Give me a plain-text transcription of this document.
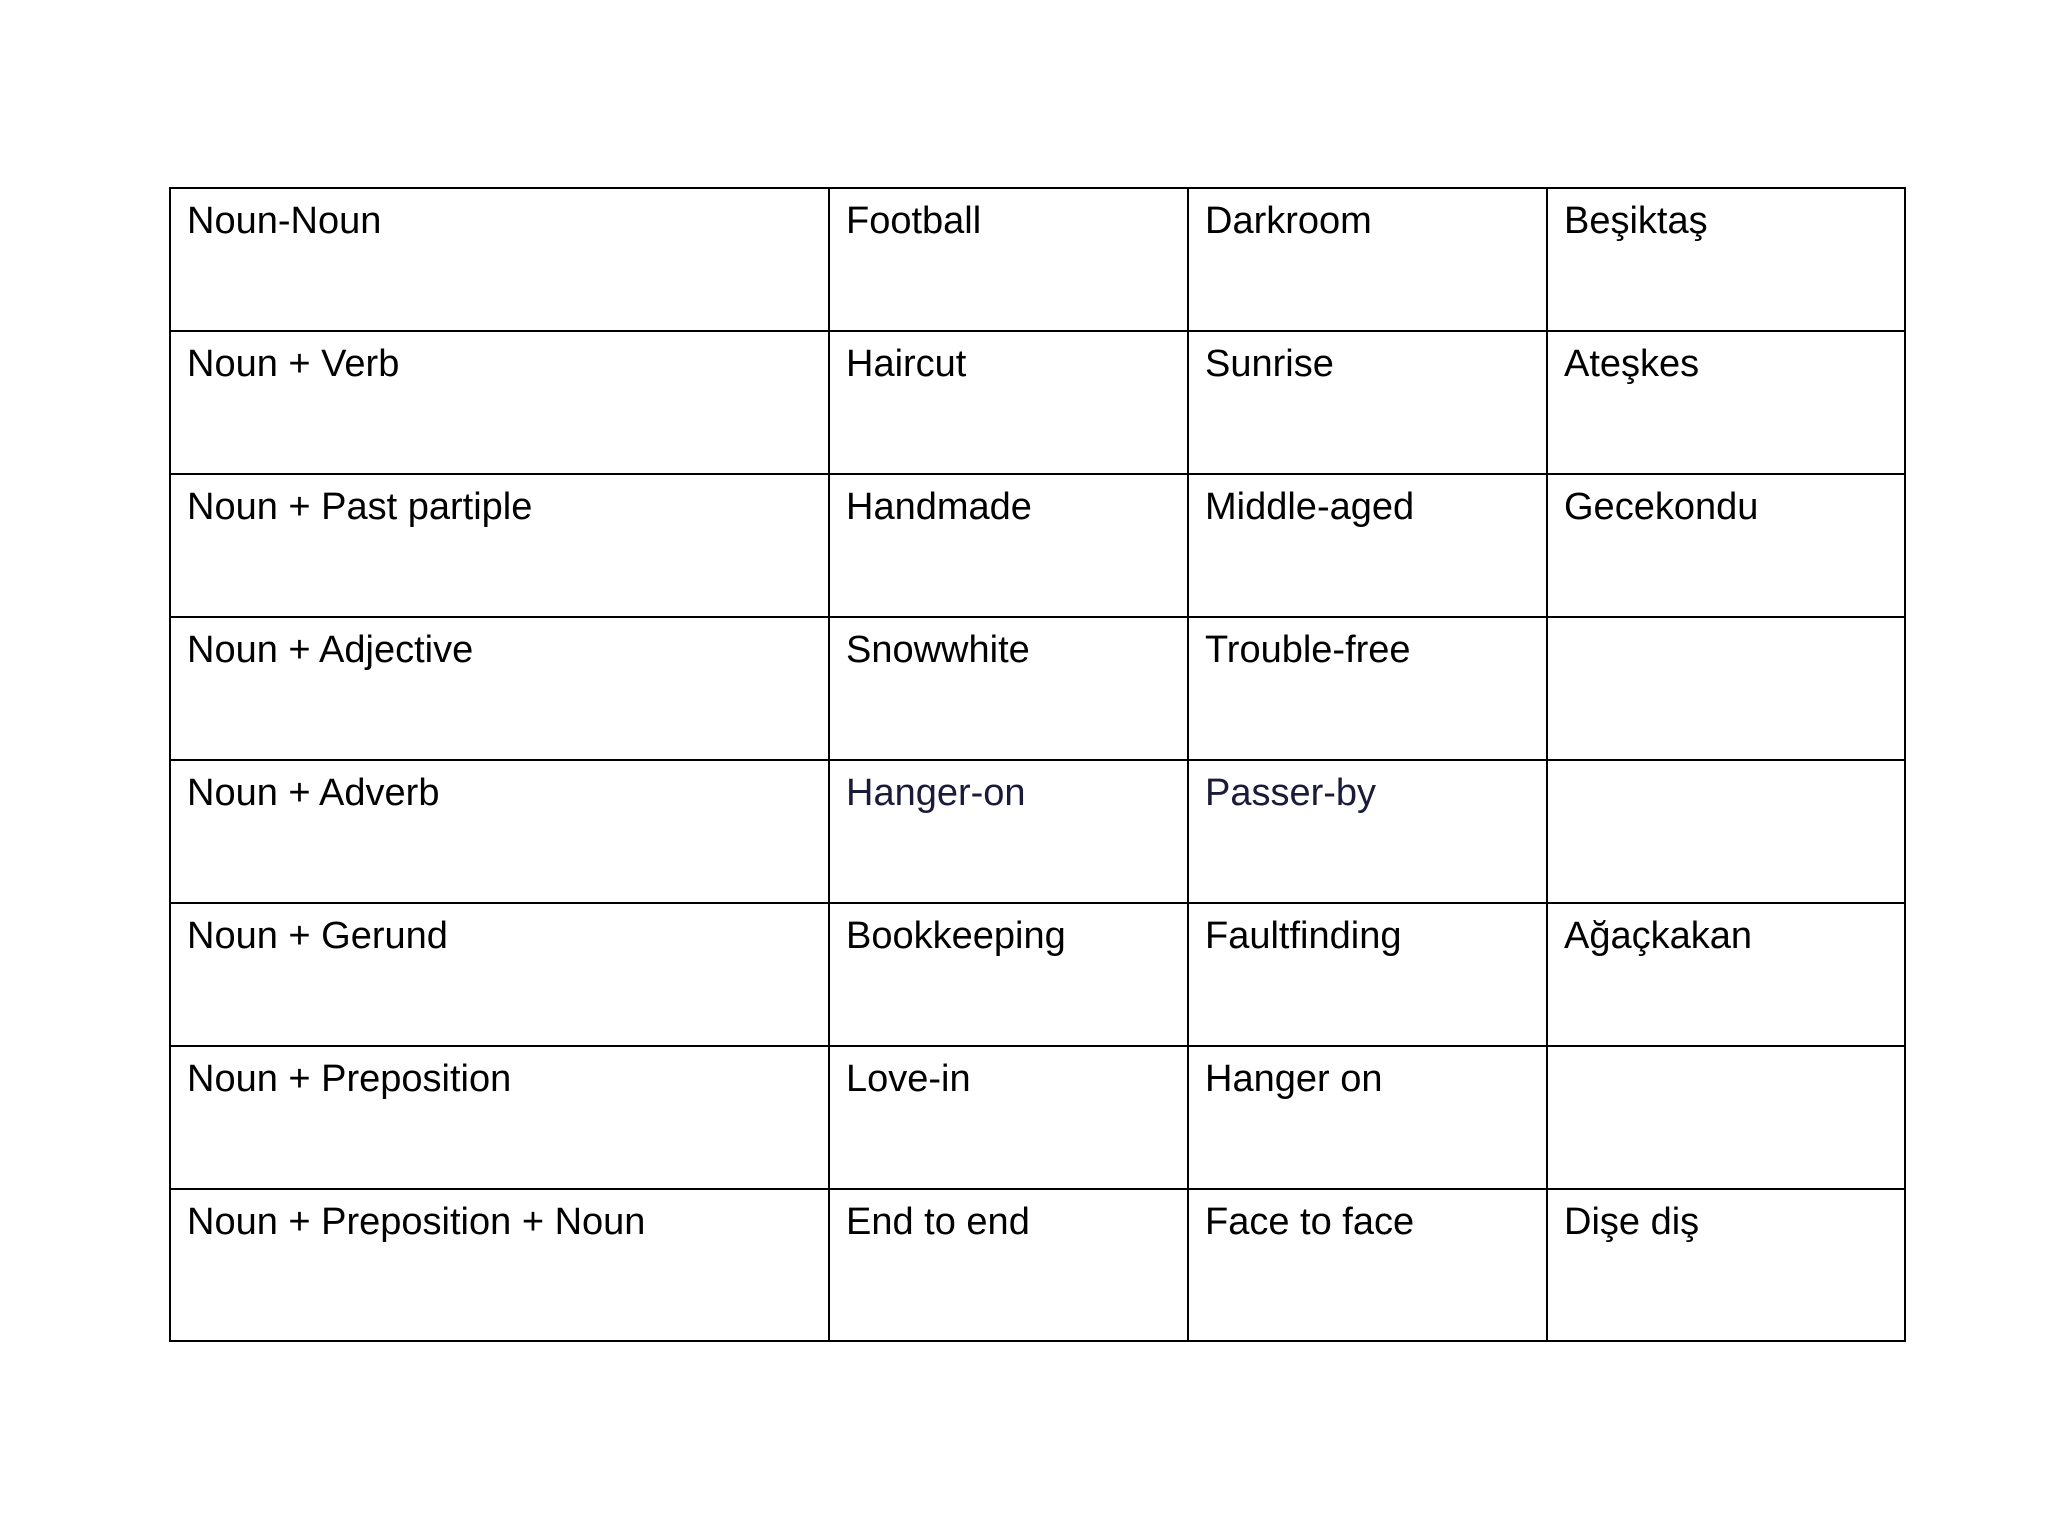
Noun-Noun	Football	Darkroom	Beşiktaş
Noun + Verb	Haircut	Sunrise	Ateşkes
Noun + Past partiple	Handmade	Middle-aged	Gecekondu
Noun + Adjective	Snowwhite	Trouble-free	
Noun + Adverb	Hanger-on	Passer-by	
Noun + Gerund	Bookkeeping	Faultfinding	Ağaçkakan
Noun + Preposition	Love-in	Hanger on	
Noun + Preposition + Noun	End to end	Face to face	Dişe diş
